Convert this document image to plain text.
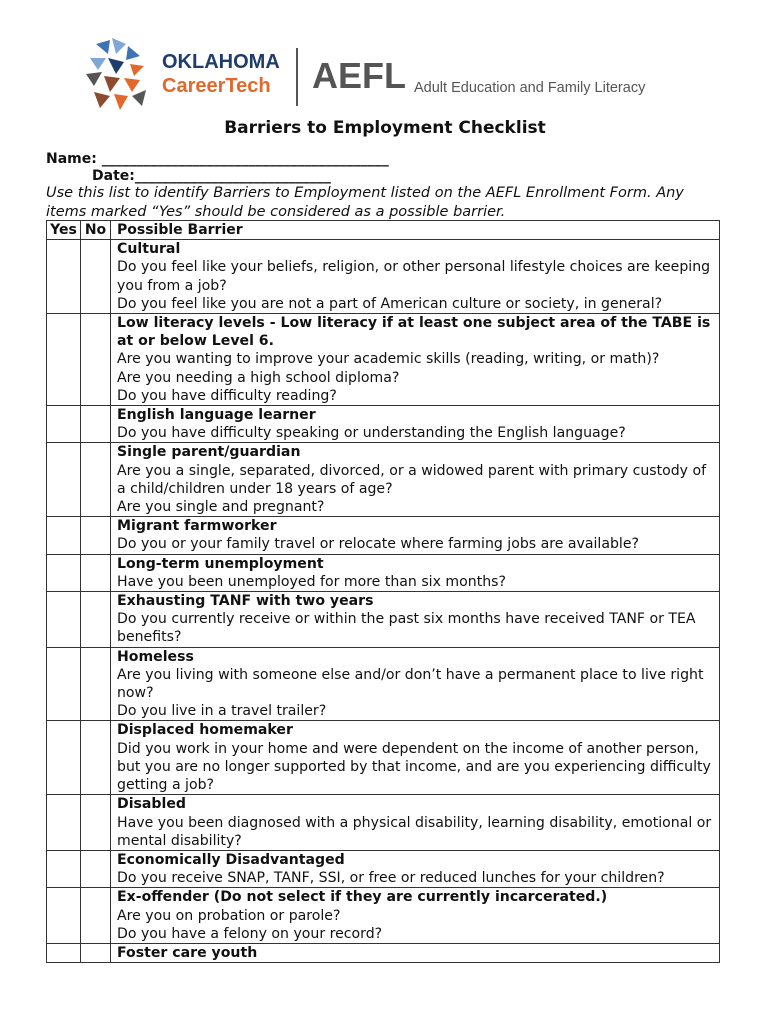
OKLAHOMA
CareerTech AEFL Adult Education and Family Literacy
Barriers to Employment Checklist
Name: _________________________________________
Date:____________________________
Use this list to identify Barriers to Employment listed on the AEFL Enrollment Form. Any items marked “Yes” should be considered as a possible barrier.
Yes	No	Possible Barrier

		Cultural
Do you feel like your beliefs, religion, or other personal lifestyle choices are keeping you from a job?
Do you feel like you are not a part of American culture or society, in general?

		Low literacy levels - Low literacy if at least one subject area of the TABE is at or below Level 6.
Are you wanting to improve your academic skills (reading, writing, or math)?
Are you needing a high school diploma?
Do you have difficulty reading?

		English language learner
Do you have difficulty speaking or understanding the English language?

		Single parent/guardian
Are you a single, separated, divorced, or a widowed parent with primary custody of a child/children under 18 years of age?
Are you single and pregnant?

		Migrant farmworker
Do you or your family travel or relocate where farming jobs are available?

		Long-term unemployment
Have you been unemployed for more than six months?

		Exhausting TANF with two years
Do you currently receive or within the past six months have received TANF or TEA benefits?

		Homeless
Are you living with someone else and/or don’t have a permanent place to live right now?
Do you live in a travel trailer?

		Displaced homemaker
Did you work in your home and were dependent on the income of another person, but you are no longer supported by that income, and are you experiencing difficulty getting a job?

		Disabled
Have you been diagnosed with a physical disability, learning disability, emotional or mental disability?

		Economically Disadvantaged
Do you receive SNAP, TANF, SSI, or free or reduced lunches for your children?

		Ex-offender (Do not select if they are currently incarcerated.)
Are you on probation or parole?
Do you have a felony on your record?

		Foster care youth
